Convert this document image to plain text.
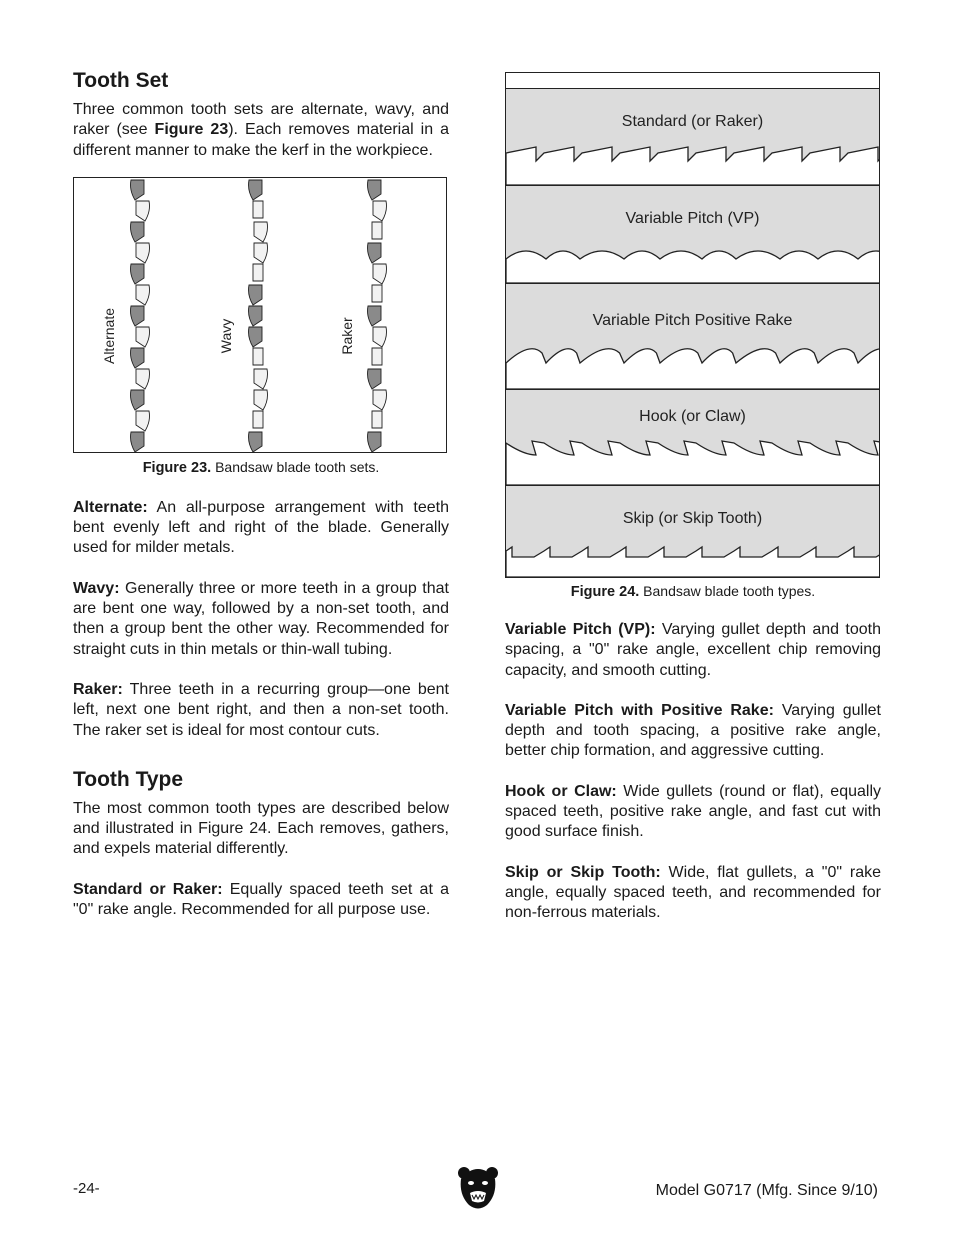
Tooth Set

Three common tooth sets are alternate, wavy, and raker (see Figure 23). Each removes material in a different manner to make the kerf in the workpiece.

Alternate	Wavy	Raker
Figure 23. Bandsaw blade tooth sets.

Alternate: An all-purpose arrangement with teeth bent evenly left and right of the blade. Generally used for milder metals.

Wavy: Generally three or more teeth in a group that are bent one way, followed by a non-set tooth, and then a group bent the other way. Recommended for straight cuts in thin metals or thin-wall tubing.

Raker: Three teeth in a recurring group—one bent left, next one bent right, and then a non-set tooth. The raker set is ideal for most contour cuts.

Tooth Type

The most common tooth types are described below and illustrated in Figure 24. Each removes, gathers, and expels material differently.

Standard or Raker: Equally spaced teeth set at a "0" rake angle. Recommended for all purpose use.

Standard (or Raker)
Variable Pitch (VP)
Variable Pitch Positive Rake
Hook (or Claw)
Skip (or Skip Tooth)
Figure 24. Bandsaw blade tooth types.

Variable Pitch (VP): Varying gullet depth and tooth spacing, a "0" rake angle, excellent chip removing capacity, and smooth cutting.

Variable Pitch with Positive Rake: Varying gullet depth and tooth spacing, a positive rake angle, better chip formation, and aggressive cutting.

Hook or Claw: Wide gullets (round or flat), equally spaced teeth, positive rake angle, and fast cut with good surface finish.

Skip or Skip Tooth: Wide, flat gullets, a "0" rake angle, equally spaced teeth, and recommended for non-ferrous materials.

-24-	Model G0717 (Mfg. Since 9/10)
